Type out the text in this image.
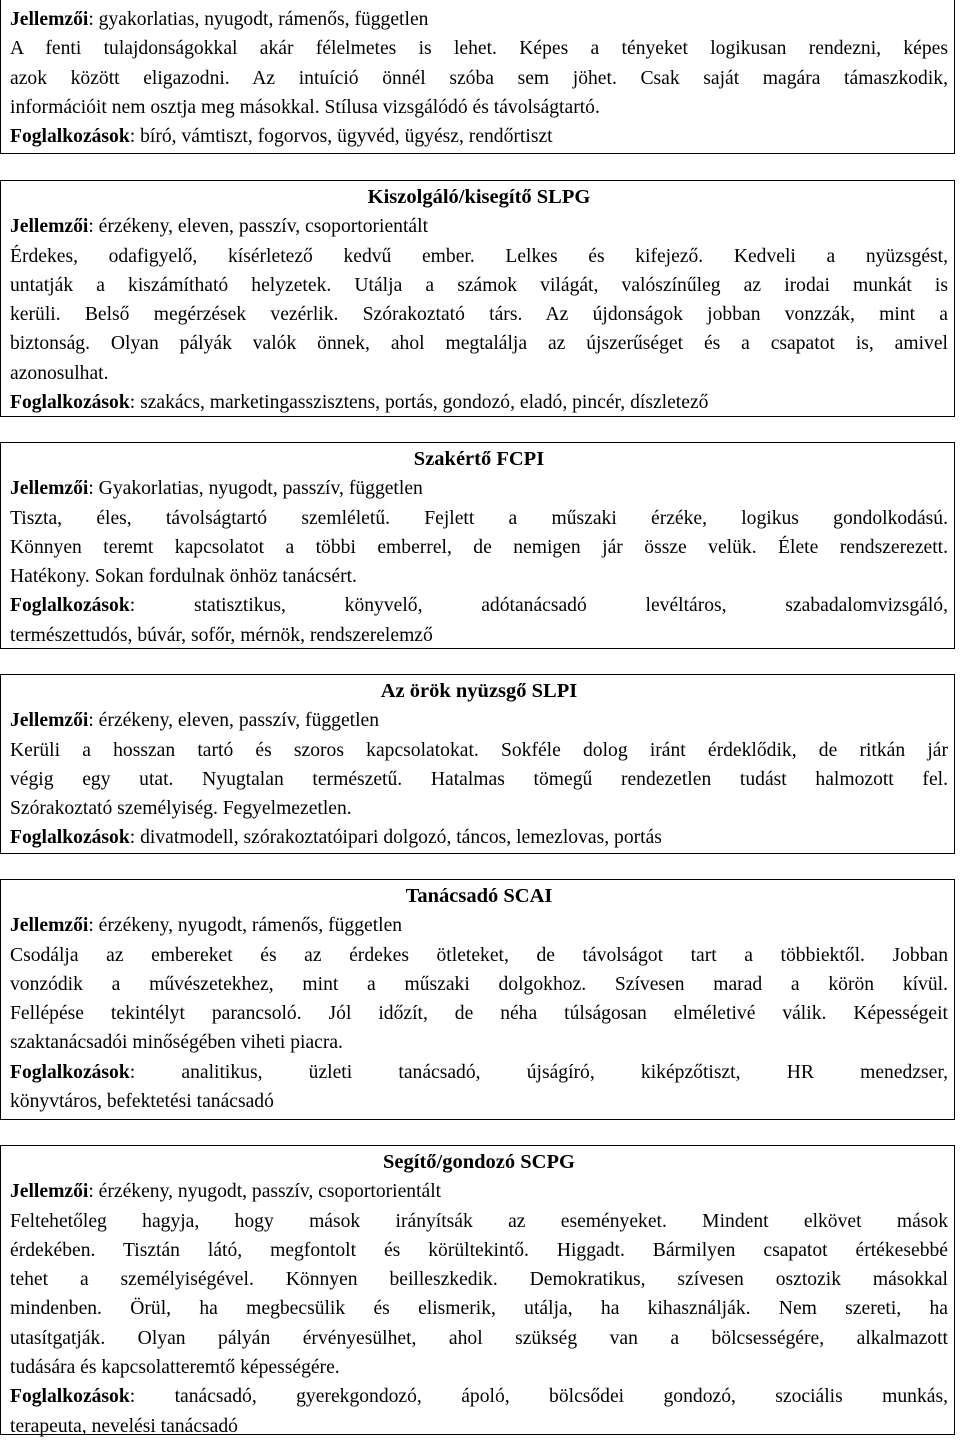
Jellemzői: gyakorlatias, nyugodt, rámenős, független
A fenti tulajdonságokkal akár félelmetes is lehet. Képes a tényeket logikusan rendezni, képes
azok között eligazodni. Az intuíció önnél szóba sem jöhet. Csak saját magára támaszkodik,
információit nem osztja meg másokkal. Stílusa vizsgálódó és távolságtartó.
Foglalkozások: bíró, vámtiszt, fogorvos, ügyvéd, ügyész, rendőrtiszt
Kiszolgáló/kisegítő SLPG
Jellemzői: érzékeny, eleven, passzív, csoportorientált
Érdekes, odafigyelő, kísérletező kedvű ember. Lelkes és kifejező. Kedveli a nyüzsgést,
untatják a kiszámítható helyzetek. Utálja a számok világát, valószínűleg az irodai munkát is
kerüli. Belső megérzések vezérlik. Szórakoztató társ. Az újdonságok jobban vonzzák, mint a
biztonság. Olyan pályák valók önnek, ahol megtalálja az újszerűséget és a csapatot is, amivel
azonosulhat.
Foglalkozások: szakács, marketingasszisztens, portás, gondozó, eladó, pincér, díszletező
Szakértő FCPI
Jellemzői: Gyakorlatias, nyugodt, passzív, független
Tiszta, éles, távolságtartó szemléletű. Fejlett a műszaki érzéke, logikus gondolkodású.
Könnyen teremt kapcsolatot a többi emberrel, de nemigen jár össze velük. Élete rendszerezett.
Hatékony. Sokan fordulnak önhöz tanácsért.
Foglalkozások: statisztikus, könyvelő, adótanácsadó levéltáros, szabadalomvizsgáló,
természettudós, búvár, sofőr, mérnök, rendszerelemző
Az örök nyüzsgő SLPI
Jellemzői: érzékeny, eleven, passzív, független
Kerüli a hosszan tartó és szoros kapcsolatokat. Sokféle dolog iránt érdeklődik, de ritkán jár
végig egy utat. Nyugtalan természetű. Hatalmas tömegű rendezetlen tudást halmozott fel.
Szórakoztató személyiség. Fegyelmezetlen.
Foglalkozások: divatmodell, szórakoztatóipari dolgozó, táncos, lemezlovas, portás
Tanácsadó SCAI
Jellemzői: érzékeny, nyugodt, rámenős, független
Csodálja az embereket és az érdekes ötleteket, de távolságot tart a többiektől. Jobban
vonzódik a művészetekhez, mint a műszaki dolgokhoz. Szívesen marad a körön kívül.
Fellépése tekintélyt parancsoló. Jól időzít, de néha túlságosan elméletivé válik. Képességeit
szaktanácsadói minőségében viheti piacra.
Foglalkozások: analitikus, üzleti tanácsadó, újságíró, kiképzőtiszt, HR menedzser,
könyvtáros, befektetési tanácsadó
Segítő/gondozó SCPG
Jellemzői: érzékeny, nyugodt, passzív, csoportorientált
Feltehetőleg hagyja, hogy mások irányítsák az eseményeket. Mindent elkövet mások
érdekében. Tisztán látó, megfontolt és körültekintő. Higgadt. Bármilyen csapatot értékesebbé
tehet a személyiségével. Könnyen beilleszkedik. Demokratikus, szívesen osztozik másokkal
mindenben. Örül, ha megbecsülik és elismerik, utálja, ha kihasználják. Nem szereti, ha
utasítgatják. Olyan pályán érvényesülhet, ahol szükség van a bölcsességére, alkalmazott
tudására és kapcsolatteremtő képességére.
Foglalkozások: tanácsadó, gyerekgondozó, ápoló, bölcsődei gondozó, szociális munkás,
terapeuta, nevelési tanácsadó
